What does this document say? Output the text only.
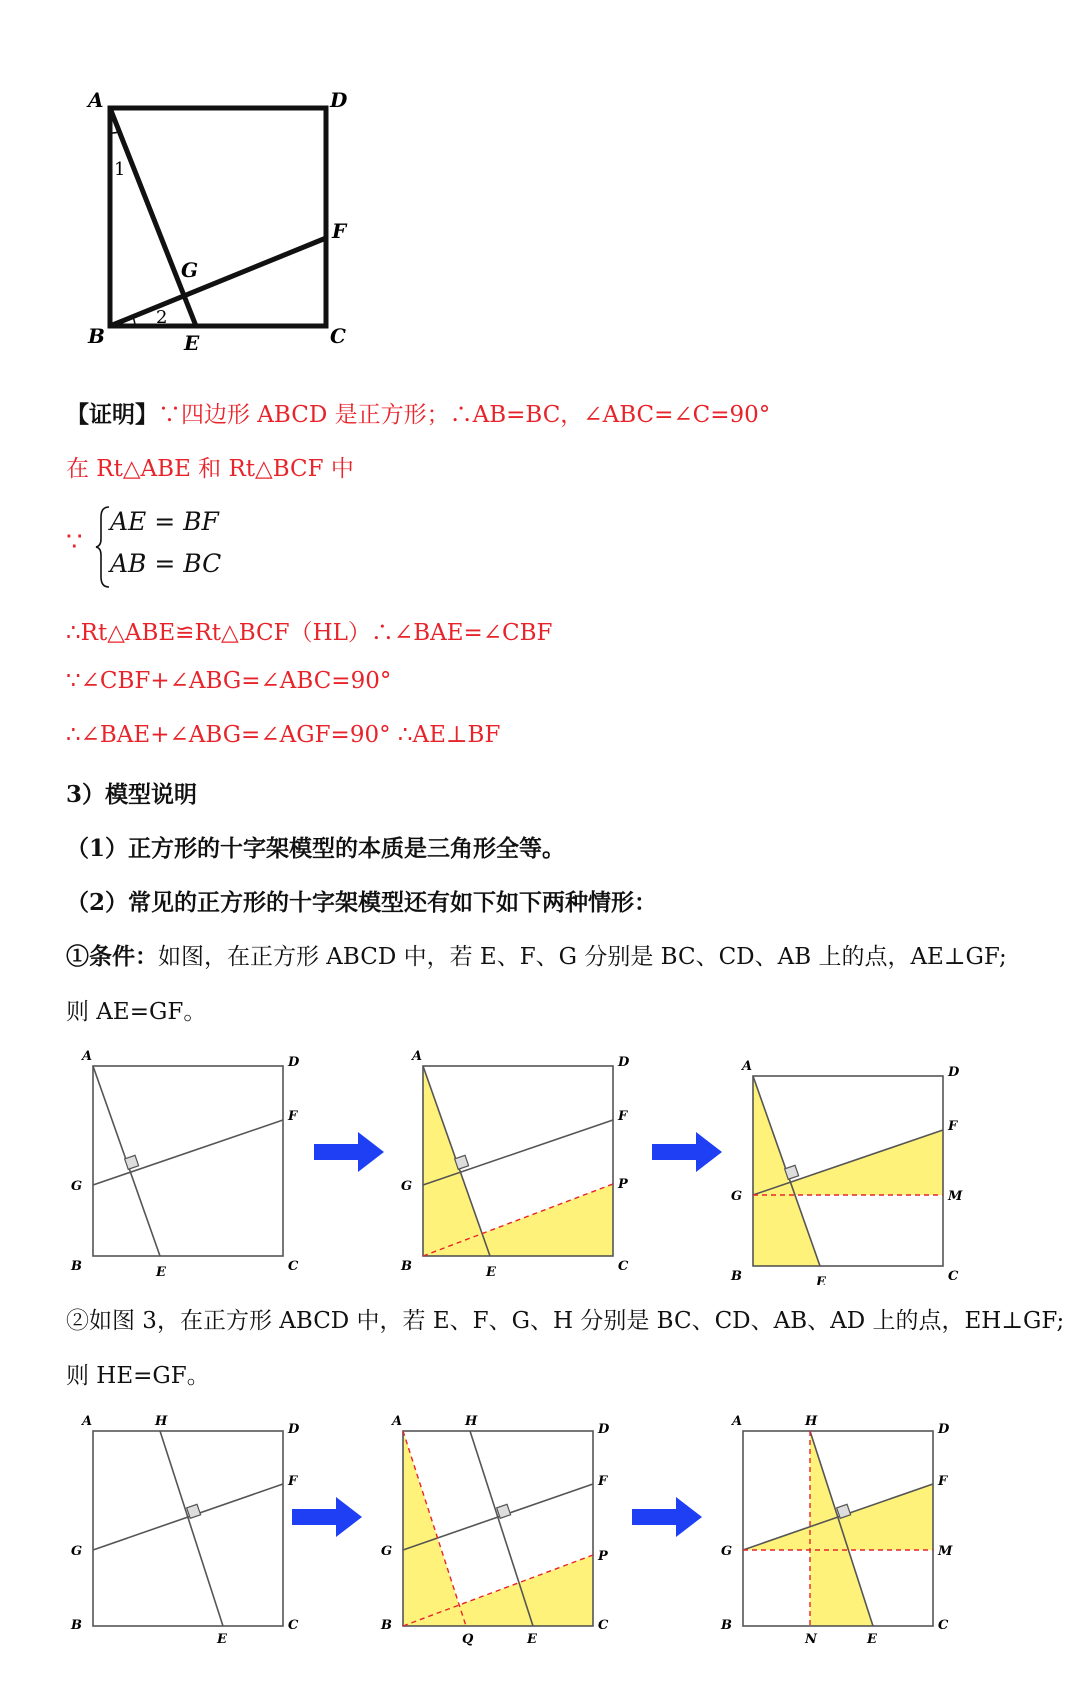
A	D
F
G
B	E	C
1
2
【证明】∵四边形 ABCD 是正方形；∴AB=BC，∠ABC=∠C=90°
在 Rt△ABE 和 Rt△BCF 中
∵
AE = BF
AB = BC
∴Rt△ABE≌Rt△BCF（HL）∴∠BAE=∠CBF
∵∠CBF+∠ABG=∠ABC=90°
∴∠BAE+∠ABG=∠AGF=90° ∴AE⊥BF
3）模型说明
（1）正方形的十字架模型的本质是三角形全等。
（2）常见的正方形的十字架模型还有如下如下两种情形：
①条件：如图，在正方形 ABCD 中，若 E、F、G 分别是 BC、CD、AB 上的点，AE⊥GF;
则 AE=GF。
A	D
F
G
B	E	C
A	D
F
G	P
B	E	C
A	D
F
G	M
B	E	C
②如图 3，在正方形 ABCD 中，若 E、F、G、H 分别是 BC、CD、AB、AD 上的点，EH⊥GF;
则 HE=GF。
A	H
D
F
G
B
E
C
A	H
D
F
G	P
B
Q	E
C
A	H
D
F
G	M
B
N	E
C
